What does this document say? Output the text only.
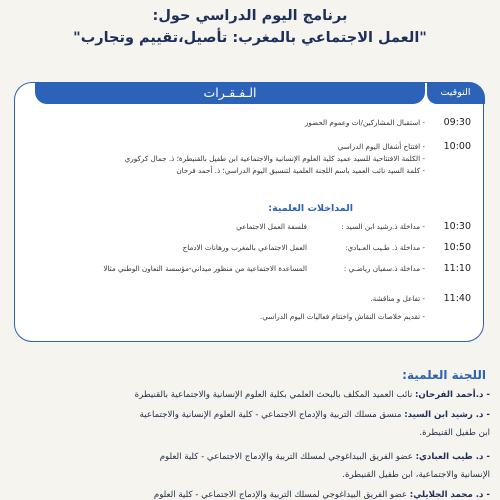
برنامج اليوم الدراسي حول:
"العمل الاجتماعي بالمغرب: تأصيل،تقييم وتجارب"
الـفـقـرات	التوقيت
09:30
- استقبال المشاركين/ات وعموم الحضور
10:00
- افتتاح أشغال اليوم الدراسي
- الكلمة الافتتاحية للسيد عميد كلية العلوم الإنسانية والاجتماعية ابن طفيل بالقنيطرة؛ ذ. جمال كركوري
- كلمة السيد نائب العميد باسم اللجنة العلمية لتنسيق اليوم الدراسي؛ ذ. أحمد فرحان
المداخلات العلمية:
10:30
- مداخلة ذ.رشيد ابن السيد :
فلسفة العمل الاجتماعي
10:50
- مداخلة ذ. طـيب العـبادي:
العمل الاجتماعي بالمغرب ورهانات الادماج
11:10
- مداخلة ذ.سفيان رياضـي :
المساعدة الاجتماعية من منظور ميداني-مؤسسة التعاون الوطني مثالا
11:40
- تفاعل و مناقشة.
- تقديم خلاصات النقاش واختتام فعاليات اليوم الدراسي.
اللجنة العلمية:
- د.أحمد الفرحان: نائب العميد المكلف بالبحث العلمي بكلية العلوم الإنسانية والاجتماعية بالقنيطرة
- د. رشيد ابن السيد: منسق مسلك التربية والإدماج الاجتماعي - كلية العلوم الإنسانية والاجتماعية
ابن طفيل القنيطرة.
- د. طيب العبادي: عضو الفريق البيداغوجي لمسلك التربية والإدماج الاجتماعي - كلية العلوم
الإنسانية والاجتماعية، ابن طفيل القنيطرة.
- د. محمد الجلايلي: عضو الفريق البيداغوجي لمسلك التربية والإدماج الاجتماعي - كلية العلوم
